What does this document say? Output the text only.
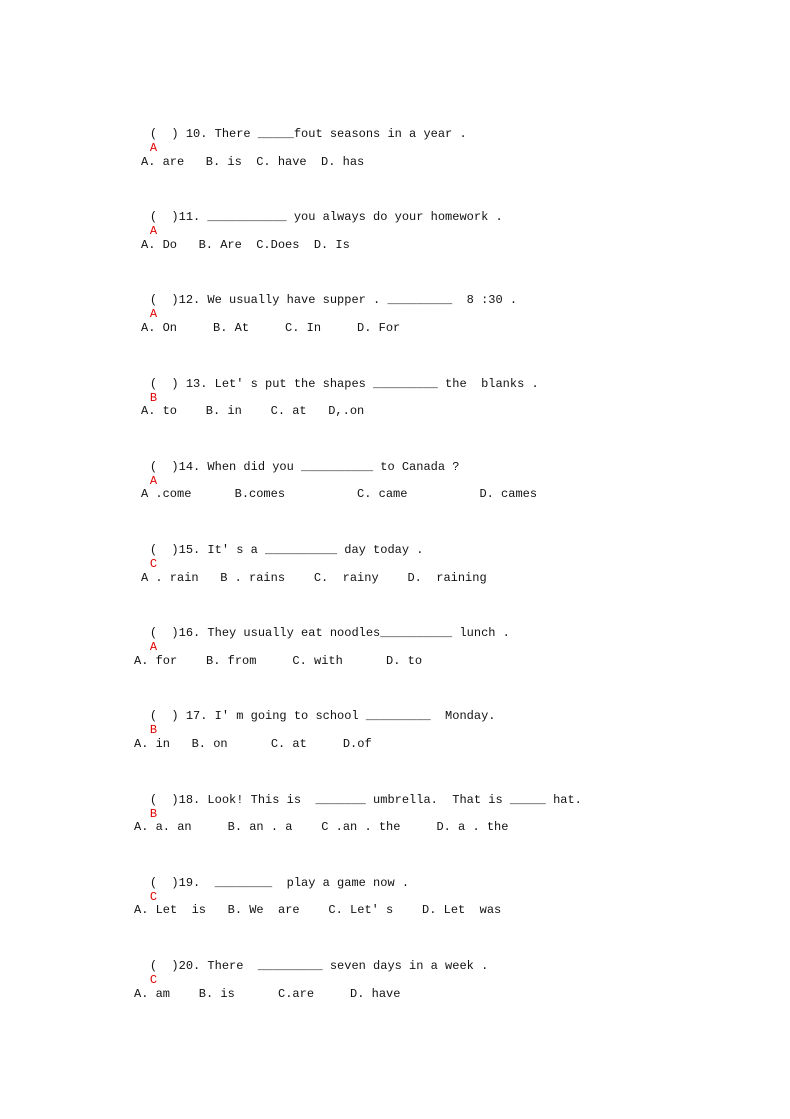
(  ) 10. There _____fout seasons in a year .
A

A. are   B. is  C. have  D. has

(  )11. ___________ you always do your homework .
A

A. Do   B. Are  C.Does  D. Is

(  )12. We usually have supper . _________  8 :30 .
A

A. On     B. At     C. In     D. For

(  ) 13. Let' s put the shapes _________ the  blanks .
B

A. to    B. in    C. at   D,.on

(  )14. When did you __________ to Canada ?
A

A .come      B.comes          C. came          D. cames

(  )15. It' s a __________ day today .
C

A . rain   B . rains    C.  rainy    D.  raining

(  )16. They usually eat noodles__________ lunch .
A

A. for    B. from     C. with      D. to

(  ) 17. I' m going to school _________  Monday.
B

A. in   B. on      C. at     D.of

(  )18. Look! This is  _______ umbrella.  That is _____ hat.
B

A. a. an     B. an . a    C .an . the     D. a . the

(  )19.  ________  play a game now .
C

A. Let  is   B. We  are    C. Let' s    D. Let  was

(  )20. There  _________ seven days in a week .
C

A. am    B. is      C.are     D. have
